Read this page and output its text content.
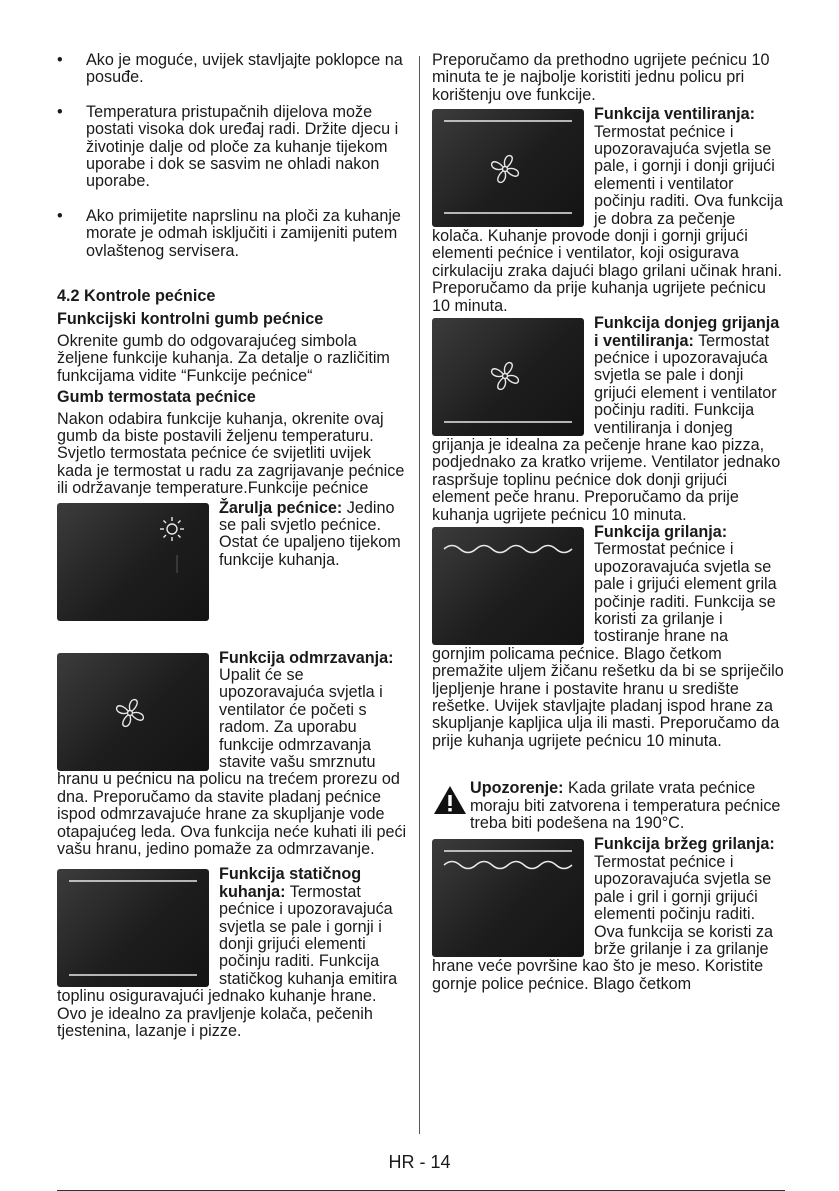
•	Ako je moguće, uvijek stavljajte poklopce na posuđe.
•	Temperatura pristupačnih dijelova može postati visoka dok uređaj radi. Držite djecu i životinje dalje od ploče za kuhanje tijekom uporabe i dok se sasvim ne ohladi nakon uporabe.
•	Ako primijetite naprslinu na ploči za kuhanje morate je odmah isključiti i zamijeniti putem ovlaštenog servisera.

4.2 Kontrole pećnice

Funkcijski kontrolni gumb pećnice

Okrenite gumb do odgovarajućeg simbola željene funkcije kuhanja. Za detalje o različitim funkcijama vidite “Funkcije pećnice“

Gumb termostata pećnice

Nakon odabira funkcije kuhanja, okrenite ovaj gumb da biste postavili željenu temperaturu. Svjetlo termostata pećnice će svijetliti uvijek kada je termostat u radu za zagrijavanje pećnice ili održavanje temperature.Funkcije pećnice

Žarulja pećnice: Jedino se pali svjetlo pećnice. Ostat će upaljeno tijekom funkcije kuhanja.
Funkcija odmrzavanja: Upalit će se upozoravajuća svjetla i ventilator će početi s radom. Za uporabu funkcije odmrzavanja stavite vašu smrznutu hranu u pećnicu na policu na trećem prorezu od dna. Preporučamo da stavite pladanj pećnice ispod odmrzavajuće hrane za skupljanje vode otapajućeg leda. Ova funkcija neće kuhati ili peći vašu hranu, jedino pomaže za odmrzavanje.
Funkcija statičnog kuhanja: Termostat pećnice i upozoravajuća svjetla se pale i gornji i donji grijući elementi počinju raditi. Funkcija statičkog kuhanja emitira toplinu osiguravajući jednako kuhanje hrane. Ovo je idealno za pravljenje kolača, pečenih tjestenina, lazanje i pizze.

Preporučamo da prethodno ugrijete pećnicu 10 minuta te je najbolje koristiti jednu policu pri korištenju ove funkcije.

Funkcija ventiliranja: Termostat pećnice i upozoravajuća svjetla se pale, i gornji i donji grijući elementi i ventilator počinju raditi. Ova funkcija je dobra za pečenje kolača. Kuhanje provode donji i gornji grijući elementi pećnice i ventilator, koji osigurava cirkulaciju zraka dajući blago grilani učinak hrani. Preporučamo da prije kuhanja ugrijete pećnicu 10 minuta.
Funkcija donjeg grijanja i ventiliranja: Termostat pećnice i upozoravajuća svjetla se pale i donji grijući element i ventilator počinju raditi. Funkcija ventiliranja i donjeg grijanja je idealna za pečenje hrane kao pizza, podjednako za kratko vrijeme. Ventilator jednako raspršuje toplinu pećnice dok donji grijući element peče hranu. Preporučamo da prije kuhanja ugrijete pećnicu 10 minuta.
Funkcija grilanja: Termostat pećnice i upozoravajuća svjetla se pale i grijući element grila počinje raditi. Funkcija se koristi za grilanje i tostiranje hrane na gornjim policama pećnice. Blago četkom premažite uljem žičanu rešetku da bi se spriječilo ljepljenje hrane i postavite hranu u središte rešetke. Uvijek stavljajte pladanj ispod hrane za skupljanje kapljica ulja ili masti. Preporučamo da prije kuhanja ugrijete pećnicu 10 minuta.
Upozorenje: Kada grilate vrata pećnice moraju biti zatvorena i temperatura pećnice treba biti podešena na 190°C.
Funkcija bržeg grilanja: Termostat pećnice i upozoravajuća svjetla se pale i gril i gornji grijući elementi počinju raditi. Ova funkcija se koristi za brže grilanje i za grilanje hrane veće površine kao što je meso. Koristite gornje police pećnice. Blago četkom
HR - 14
